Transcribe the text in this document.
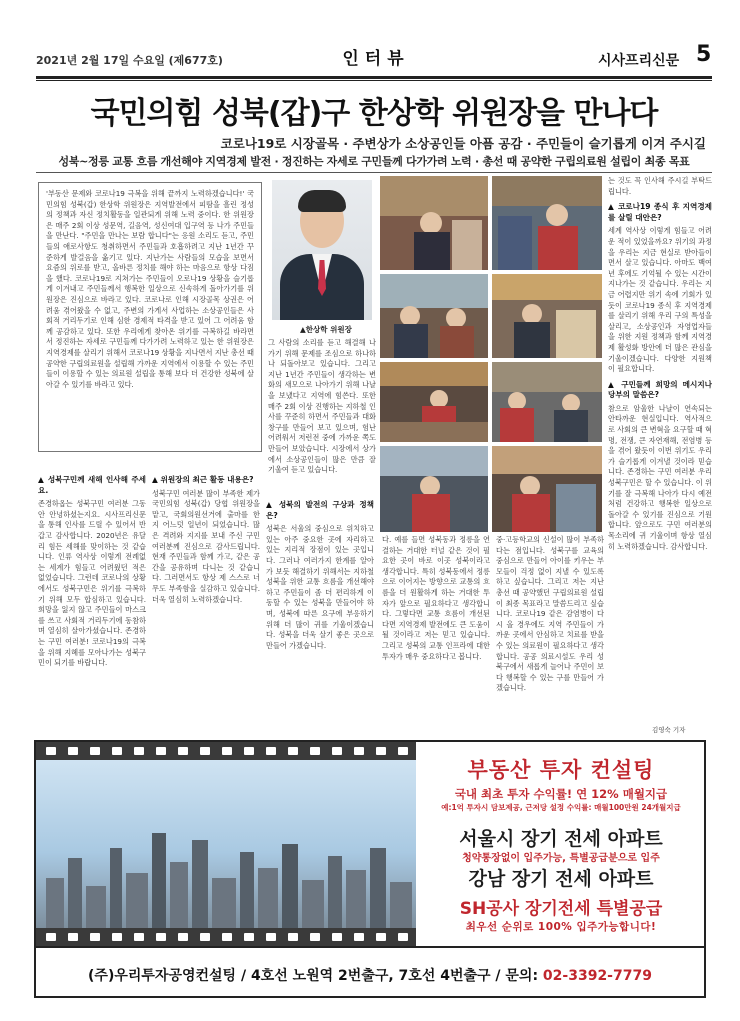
2021년 2월 17일 수요일 (제677호)	인터뷰	시사프리신문 5
국민의힘 성북(갑)구 한상학 위원장을 만나다
코로나19로 시장골목 · 주변상가 소상공인들 아픔 공감 · 주민들이 슬기롭게 이겨 주시길
성북~정릉 교통 흐름 개선해야 지역경제 발전 · 정진하는 자세로 구민들께 다가가려 노력 · 총선 때 공약한 구립의료원 설립이 최종 목표

'부동산 문제와 코로나19 극복을 위해 끝까지 노력하겠습니다!' 국민의힘 성북(갑) 한상학 위원장은 지역발전에서 피땀을 흘린 정성의 정책과 자신 정치활동을 일관되게 위해 노력 중이다. 한 위원장은 매주 2회 이상 성문역, 길음역, 성신여대 입구역 등 나가 주민들을 만난다. "주민을 만나는 보람 합니다"는 응원 소리도 듣고, 주민들의 애로사항도 청취하면서 주민들과 호흡하려고 지난 1년간 꾸준하게 발걸음을 옮기고 있다. 지난가는 사람들의 모습을 보면서 요즘의 위로를 받고, 올바른 정치를 해야 하는 마음으로 항상 다짐을 했다. 코로나19로 지쳐가는 주민들이 오로나19 상황을 슬기롭게 이겨내고 주민들께서 행복한 일상으로 신속하게 돌아가기를 위원장은 진심으로 바라고 있다. 코로나로 인해 시장골목 상권은 어려움 겪어왔을 수 없고, 주변의 가게서 사업하는 소상공인들은 사회적 거리두기로 인해 심한 경제적 타격을 받고 있어 그 어려움 함께 공감하고 있다. 또한 우리에게 찾아온 위기를 극복하길 바라면서 정진하는 자세로 구민들께 다가가려 노력하고 있는 한 위원장은 지역경제를 살리기 위해서 코로나19 상황을 지나면서 지난 총선 때 공약한 구립의료원을 설립해 가까운 지역에서 이용할 수 있는 주민들이 이용할 수 있는 의료원 설립을 통해 보다 더 건강한 성북에 살아갈 수 있기를 바라고 있다.

▲한상학 위원장

그 사람의 소리를 듣고 해결해 나가기 위해 문제를 조심으로 하나하나 되돌아보고 있습니다. 그리고 지난 1년간 주민들이 생각하는 변화의 새모으로 나아가기 위해 나날을 보냈다고 지역에 힘쓴다. 또한 매주 2회 이상 진행하는 지하철 인사를 꾸준히 하면서 주민들과 대화 창구를 만들어 보고 있으며, 험난 어려워서 저런전 중에 가까운 쪽도 만들어 보았습니다. 시장에서 상가에서 소상공인들이 많은 만큼 잘 기울여 듣고 있습니다.

▲ 성북구민께 새해 인사해 주세요.

존경하옵는 성북구민 여러분 그동안 안녕하셨는지요. 시사프리신문을 통해 인사를 드릴 수 있어서 반갑고 감사합니다. 2020년은 유달리 힘든 세해를 맞이하는 것 같습니다. 인류 역사상 이렇게 전례없는 세계가 힘들고 어려웠던 적은 없었습니다. 그런데 코로나의 상황에서도 성북구민은 위기를 극복하기 위해 모두 합심하고 있습니다. 희망을 잃지 않고 주민들이 마스크를 쓰고 사회적 거리두기에 동참하며 열심히 살아가셨습니다. 존경하는 구민 여러분! 코로나19의 극복을 위해 지혜를 모아나가는 성북구민이 되기를 바랍니다.

▲ 위원장의 최근 활동 내용은?

성북구민 여러분 많이 부족한 제가 국민의힘 성북(갑) 당협 위원장을 맡고, 국회의원선거에 출마를 한 지 어느덧 일년이 되었습니다. 많은 격려와 지지를 보내 주신 구민 여러분께 진심으로 감사드립니다. 현재 주민들과 함께 가고, 같은 공간을 공유하며 다니는 것 같습니다. 그러면서도 항상 제 스스로 너무도 부족함을 실감하고 있습니다. 더욱 열심히 노력하겠습니다.

▲ 성북의 발전의 구상과 정책은?

성북은 서울의 중심으로 위치하고 있는 아주 중요한 곳에 자리하고 있는 지리적 장점이 있는 곳입니다. 그러나 여러가지 한계를 알아가 보듯 해결하기 위해서는 지하철 성북을 위한 교통 흐름을 개선해야 하고 주민들이 좀 더 편리하게 이동할 수 있는 성북을 만들어야 하며, 성북에 따른 요구에 부응하기 위해 더 많이 귀를 기울이겠습니다. 성북을 더욱 살기 좋은 곳으로 만들어 가겠습니다.

다. 예를 들면 성북동과 정릉을 연결하는 거대한 터널 같은 것이 필요한 곳이 바로 이곳 성북이라고 생각합니다. 특히 성북동에서 정릉으로 이어지는 방향으로 교통의 흐름을 더 원활하게 하는 거대한 투자가 앞으로 필요하다고 생각합니다. 그렇다면 교통 흐름이 개선된다면 지역경제 발전에도 큰 도움이 될 것이라고 저는 믿고 있습니다. 그리고 성북의 교통 인프라에 대한 투자가 매우 중요하다고 봅니다.

중·고등학교의 신설이 많이 부족하다는 점입니다. 성북구를 교육의 중심으로 만들어 아이를 키우는 부모들이 걱정 없이 지낼 수 있도록 하고 싶습니다. 그리고 저는 지난 총선 때 공약했던 구립의료원 설립이 최종 목표라고 말씀드리고 싶습니다. 코로나19 같은 감염병이 다시 올 경우에도 지역 주민들이 가까운 곳에서 안심하고 치료를 받을 수 있는 의료원이 필요하다고 생각합니다. 공공 의료시설도 우리 성북구에서 새롭게 늘어나 주민이 보다 행복할 수 있는 구를 만들어 가겠습니다.

는 것도 꼭 인사해 주시길 부탁드립니다.

▲ 코로나19 종식 후 지역경제를 살릴 대안은?

세계 역사상 이렇게 힘들고 어려운 적이 있었을까요? 위기의 과정을 우리는 지금 현실로 받아들이면서 살고 있습니다. 아마도 백여 년 후에도 기억될 수 있는 시간이 지나가는 것 같습니다. 우리는 지금 어렵지만 위기 속에 기회가 있듯이 코로나19 종식 후 지역경제를 살리기 위해 우리 구의 특성을 살리고, 소상공인과 자영업자들을 위한 지원 정책과 함께 지역경제 활성화 방안에 더 많은 관심을 기울이겠습니다. 다양한 지원책이 필요합니다.

▲ 구민들께 희망의 메시지나 당부의 말씀은?

참으로 암울한 나날이 연속되는 안타까운 현실입니다. 역사적으로 사회의 큰 변혁을 요구할 때 혁명, 전쟁, 큰 자연재해, 전염병 등을 겪어 왔듯이 이번 위기도 우리가 슬기롭게 이겨낼 것이라 믿습니다. 존경하는 구민 여러분 우리 성북구민은 할 수 있습니다. 이 위기를 잘 극복해 나아가 다시 예전처럼 건강하고 행복한 일상으로 돌아갈 수 있기를 진심으로 기원합니다. 앞으로도 구민 여러분의 목소리에 귀 기울이며 항상 열심히 노력하겠습니다. 감사합니다.

김영숙 기자
부동산 투자 컨설팅
국내 최초 투자 수익률! 연 12% 매월지급
예:1억 투자시 담보제공, 근저당 설정 수익률: 매월100만원 24개월지급
서울시 장기 전세 아파트
청약통장없이 입주가능, 특별공급분으로 입주
강남 장기 전세 아파트
SH공사 장기전세 특별공급
최우선 순위로 100% 입주가능합니다!
(주)우리투자공영컨설팅 / 4호선 노원역 2번출구, 7호선 4번출구 / 문의: 02-3392-7779
